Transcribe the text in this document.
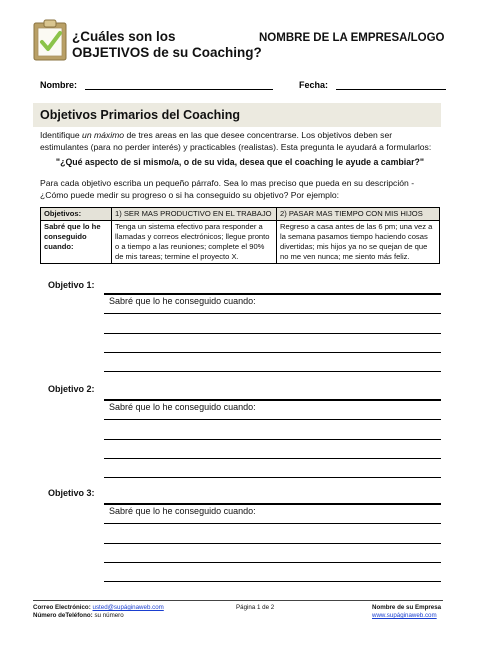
¿Cuáles son los
OBJETIVOS de su Coaching?
NOMBRE DE LA EMPRESA/LOGO
Nombre:	Fecha:
Objetivos Primarios del Coaching
Identifique un máximo de tres areas en las que desee concentrarse. Los objetivos deben ser estimulantes (para no perder interés) y practicables (realistas). Esta pregunta le ayudará a formularlos:
"¿Qué aspecto de si mismo/a, o de su vida, desea que el coaching le ayude a cambiar?"
Para cada objetivo escriba un pequeño párrafo. Sea lo mas preciso que pueda en su descripción - ¿Cómo puede medir su progreso o si ha conseguido su objetivo? Por ejemplo:
Objetivos:	1) SER MAS PRODUCTIVO EN EL TRABAJO	2) PASAR MAS TIEMPO CON MIS HIJOS
Sabré que lo he conseguido cuando:	Tenga un sistema efectivo para responder a llamadas y correos electrónicos; llegue pronto o a tiempo a las reuniones; complete el 90% de mis tareas; termine el proyecto X.	Regreso a casa antes de las 6 pm; una vez a la semana pasamos tiempo haciendo cosas divertidas; mis hijos ya no se quejan de que no me ven nunca; me siento más feliz.
Objetivo 1:
Sabré que lo he conseguido cuando:
Objetivo 2:
Sabré que lo he conseguido cuando:
Objetivo 3:
Sabré que lo he conseguido cuando:
Correo Electrónico: usted@supáginaweb.com
Número deTeléfono: su número
Página 1 de 2	Nombre de su Empresa
www.supáginaweb.com
